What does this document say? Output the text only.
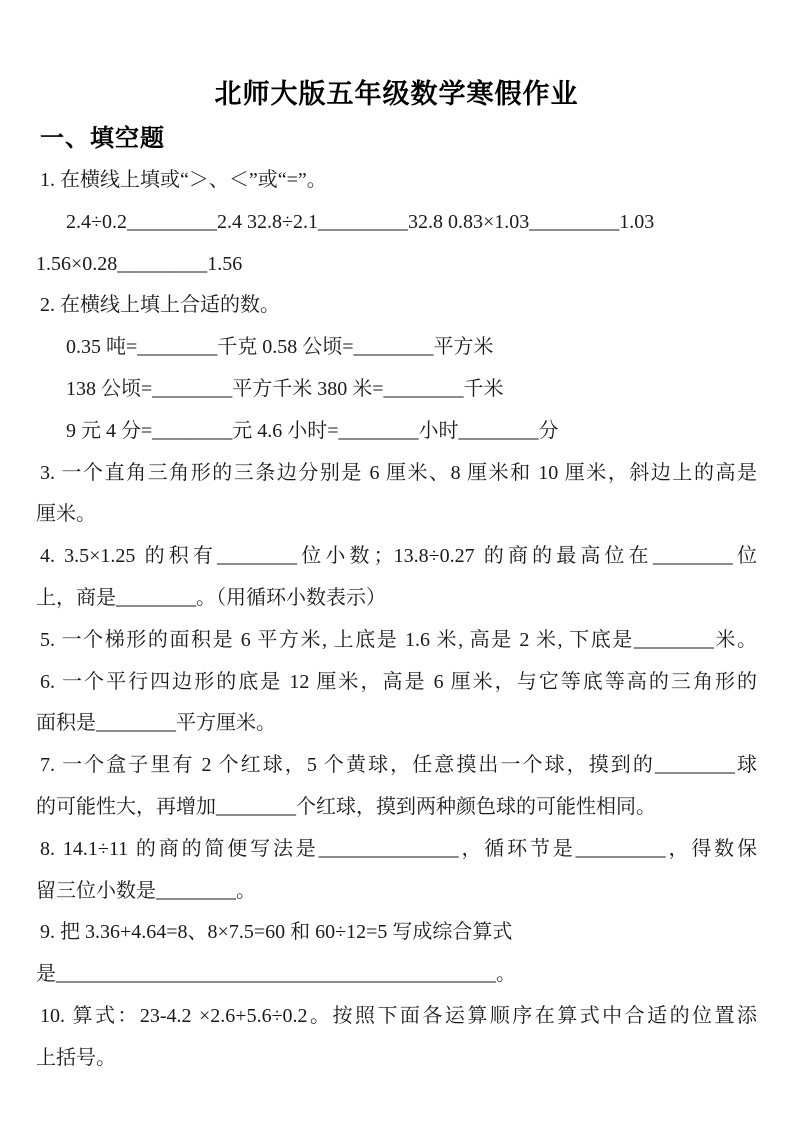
北师大版五年级数学寒假作业
一、填空题
1. 在横线上填或“＞、＜”或“=”。
2.4÷0.2_________2.4 32.8÷2.1_________32.8 0.83×1.03_________1.03
1.56×0.28_________1.56
2. 在横线上填上合适的数。
0.35 吨=________千克 0.58 公顷=________平方米
138 公顷=________平方千米 380 米=________千米
9 元 4 分=________元 4.6 小时=________小时________分
3. 一个直角三角形的三条边分别是 6 厘米、8 厘米和 10 厘米，斜边上的高是
厘米。
4. 3.5×1.25 的积有________位小数；13.8÷0.27 的商的最高位在________位
上，商是________。（用循环小数表示）
5. 一个梯形的面积是 6 平方米, 上底是 1.6 米, 高是 2 米, 下底是________米。
6. 一个平行四边形的底是 12 厘米，高是 6 厘米，与它等底等高的三角形的
面积是________平方厘米。
7. 一个盒子里有 2 个红球，5 个黄球，任意摸出一个球，摸到的________球
的可能性大，再增加________个红球，摸到两种颜色球的可能性相同。
8. 14.1÷11 的商的简便写法是______________，循环节是_________，得数保
留三位小数是________。
9. 把 3.36+4.64=8、8×7.5=60 和 60÷12=5 写成综合算式
是____________________________________________。
10. 算式：23-4.2 ×2.6+5.6÷0.2。按照下面各运算顺序在算式中合适的位置添
上括号。
